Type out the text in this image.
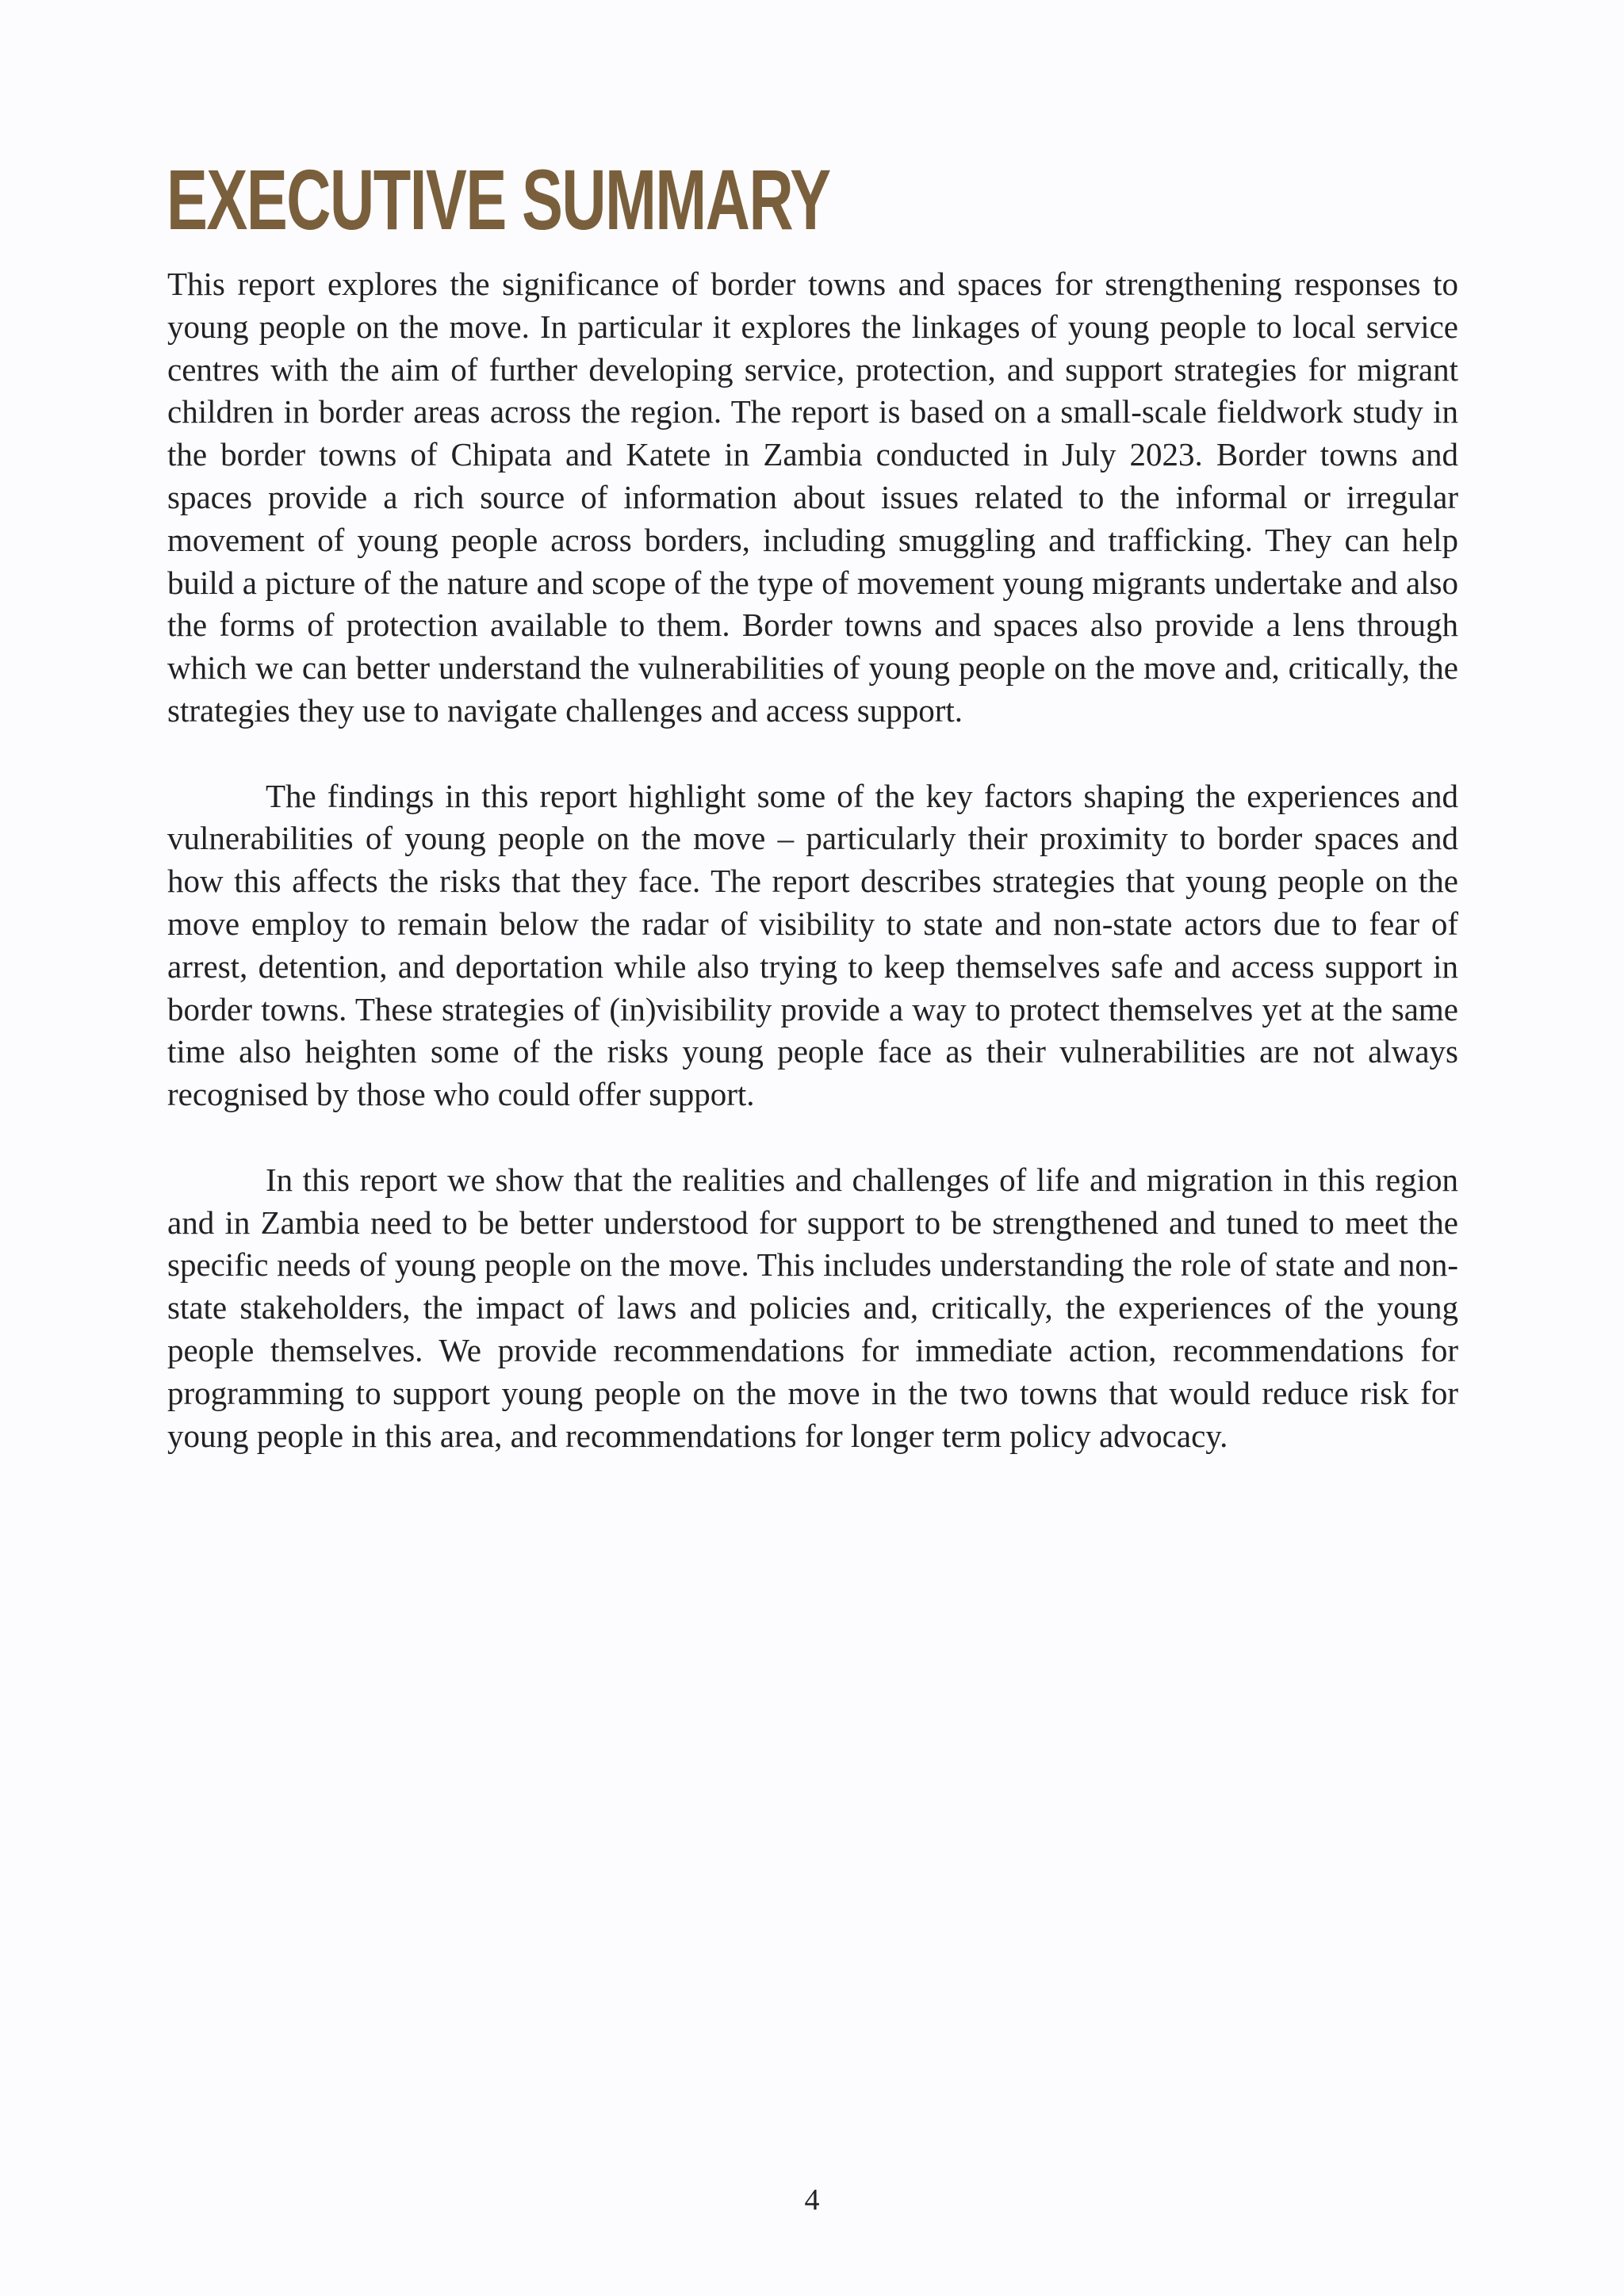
EXECUTIVE SUMMARY

This report explores the significance of border towns and spaces for strengthening responses to young people on the move. In particular it explores the linkages of young people to local service centres with the aim of further developing service, protection, and support strategies for migrant children in border areas across the region. The report is based on a small-scale fieldwork study in the border towns of Chipata and Katete in Zambia conducted in July 2023. Border towns and spaces provide a rich source of information about issues related to the informal or irregular movement of young people across borders, including smuggling and trafficking. They can help build a picture of the nature and scope of the type of movement young migrants undertake and also the forms of protection available to them. Border towns and spaces also provide a lens through which we can better understand the vulnerabilities of young people on the move and, critically, the strategies they use to navigate challenges and access support.

The findings in this report highlight some of the key factors shaping the experiences and vulnerabilities of young people on the move – particularly their proximity to border spaces and how this affects the risks that they face. The report describes strategies that young people on the move employ to remain below the radar of visibility to state and non-state actors due to fear of arrest, detention, and deportation while also trying to keep themselves safe and access support in border towns. These strategies of (in)visibility provide a way to protect themselves yet at the same time also heighten some of the risks young people face as their vulnerabilities are not always recognised by those who could offer support.

In this report we show that the realities and challenges of life and migration in this region and in Zambia need to be better understood for support to be strengthened and tuned to meet the specific needs of young people on the move. This includes understanding the role of state and non-state stakeholders, the impact of laws and policies and, critically, the experiences of the young people themselves. We provide recommendations for immediate action, recommendations for programming to support young people on the move in the two towns that would reduce risk for young people in this area, and recommendations for longer term policy advocacy.

4
